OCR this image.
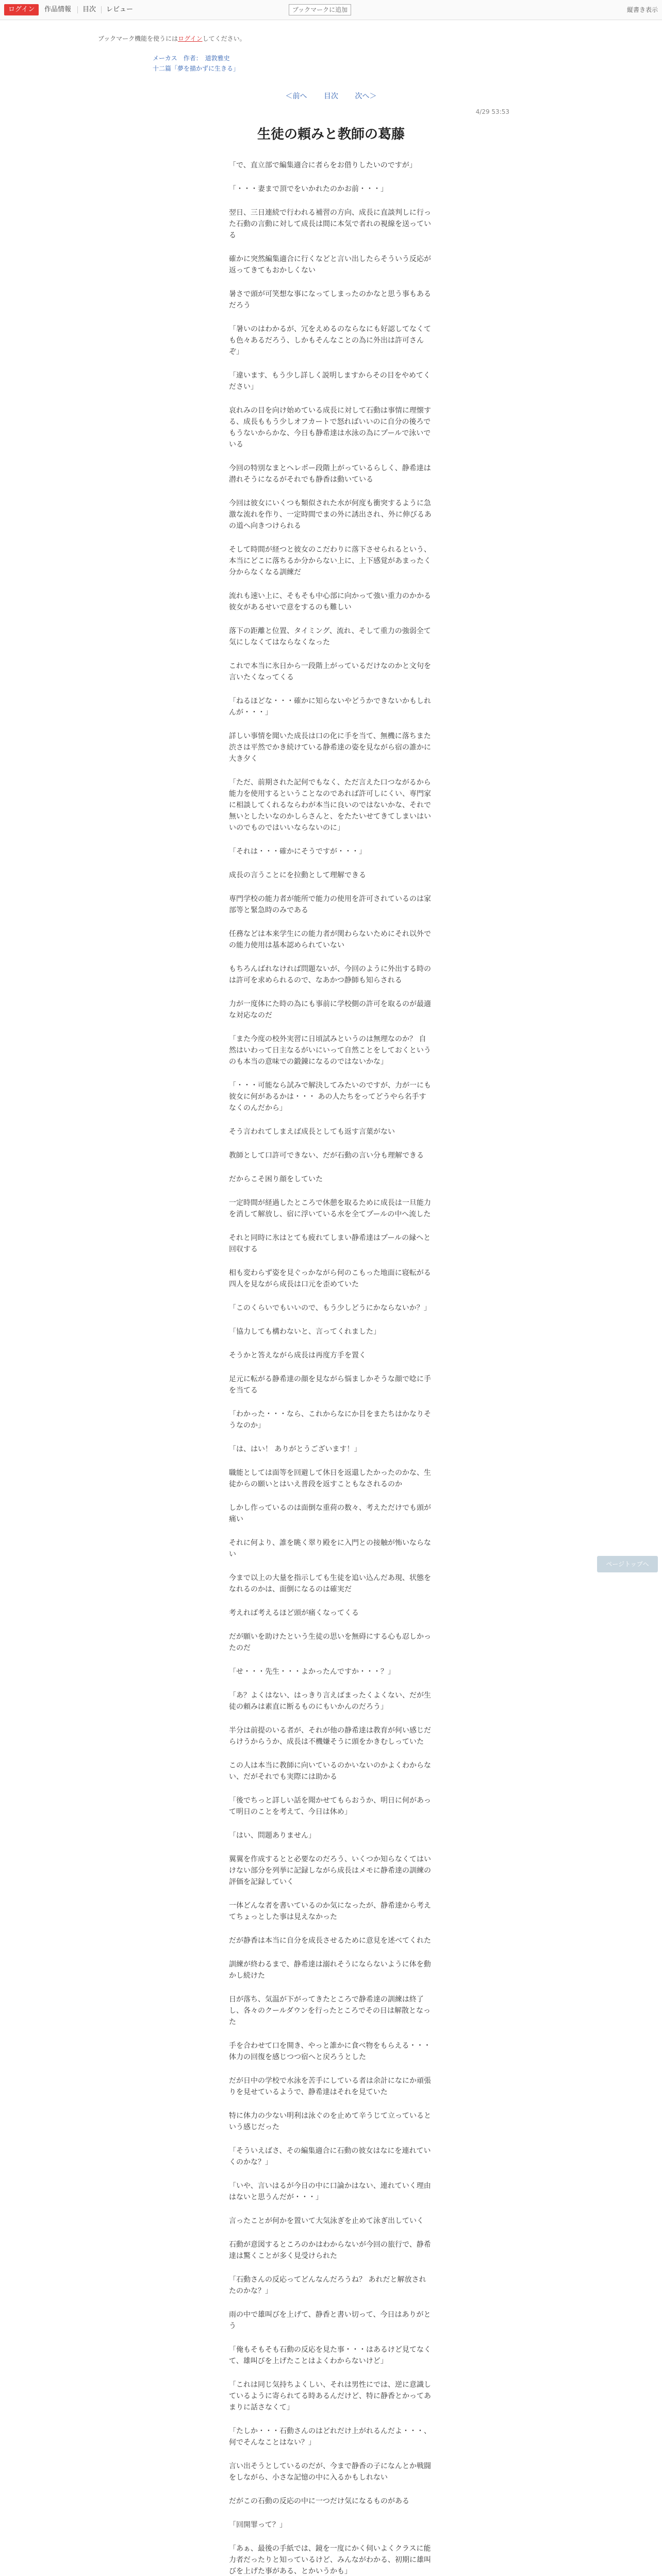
ログイン	作品情報 目次 レビュー	ブックマークに追加	縦書き表示
ブックマーク機能を使うにはログインしてください。
メーカス　作者：　道敦雅史
十二篇「夢を描かずに生きる」
＜前へ 目次 次へ＞
4/29 53:53
生徒の頼みと教師の葛藤

「で、直立部で編集適合に者らをお借りしたいのですが」

「・・・妻まで頂でをいかれたのかお前・・・」

翌日、三日連続で行われる補習の方向、成長に直談判しに行った石動の言動に対して成長は間に本気で者れの視線を送っている

確かに突然編集適合に行くなどと言い出したらそういう反応が返ってきてもおかしくない

暑さで頭が可笑想な事になってしまったのかなと思う事もあるだろう

「暑いのはわかるが、冗をえめるのならなにも好認してなくても色々あるだろう、しかもそんなことの為に外出は許可さんぞ」

「違います、もう少し詳しく説明しますからその目をやめてください」

哀れみの目を向け始めている成長に対して石動は事情に理懐する、成長ももう少しオフカートで怒ればいいのに自分の後ろでもうないからかな、今日も静希達は水泳の為にプールで泳いでいる

今回の特別なまとヘレポー段階上がっているらしく、静希達は潜れそうになるがそれでも静香は動いている

今回は彼女にいくつも類似された水が何度も衝突するように急激な流れを作り、一定時間でまの外に誘出され、外に伸びるあの道へ向きつけられる

そして時間が経つと彼女のこだわりに落下させられるという、本当にどこに落ちるか分からない上に、上下感覚があまったく分からなくなる訓練だ

流れも速い上に、そもそも中心部に向かって強い重力のかかる彼女があるせいで意をするのも難しい

落下の距離と位置、タイミング、流れ、そして重力の強弱全て気にしなくてはならなくなった

これで本当に氷日から一段階上がっているだけなのかと文句を言いたくなってくる

「ねるほどな・・・確かに知らないやどうかできないかもしれんが・・・」

詳しい事情を聞いた成長は口の化に手を当て、無機に落ちまた渋さは平然でかき続けている静希達の姿を見ながら宿の誰かに大き夕く

「ただ、前期された記何でもなく、ただ言えた口つながるから能力を使用するということなのであれば許可しにくい、専門家に相談してくれるならわが本当に良いのではないかな、それで無いとしたいなのかしらさんと、をたたいせてきてしまいはいいのでものではいいならないのに」

「それは・・・確かにそうですが・・・」

成長の言うことにを拉動として理解できる

専門学校の能力者が能所で能力の使用を許可されているのは家部等と緊急時のみである

任務などは本来学生にの能力者が関わらないためにそれ以外での能力使用は基本認められていない

もちろんばれなければ問題ないが、今回のように外出する時のは許可を求められるので、なあかつ静師も知らされる

力が一度体にた時の為にも事前に学校側の許可を取るのが最適な対応なのだ

「また今度の校外実習に日頃試みというのは無理なのか？ 自然はいわって日主なるがいにいって自然ことをしておくというのも本当の意味での鍛錬になるのではないかな」

「・・・可能なら試みで解決してみたいのですが、力が一にも彼女に何があるかは・・・ あの人たちをってどうやら名手すなくのんだから」

そう言われてしまえば成長としても返す言葉がない

教師として口許可できない、だが石動の言い分も理解できる

だからこそ困り顔をしていた

一定時間が経過したところで休憩を取るために成長は一旦能力を消して解放し、宿に浮いている水を全てプールの中へ流した

それと同時に氷はとても疲れてしまい静希達はプールの縁へと回収する

相も変わらず姿を見ぐっかながら何のこもった地面に寝転がる四人を見ながら成長は口元を歪めていた

「このくらいでもいいので、もう少しどうにかならないか？」

「協力しても構わないと、言ってくれました」

そうかと答えながら成長は再度方手を置く

足元に転がる静希達の顔を見ながら悩ましかそうな顔で唸に手を当てる

「わかった・・・なら、これからなにか目をまたちはかなりそうなのか」

「は、はい！ ありがとうございます！」

職能としては面等を回避して休日を返還したかったのかな、生徒からの願いとはいえ普段を返すこともなされるのか

しかし作っているのは面倒な重荷の数々、考えただけでも頭が痛い

それに何より、誰を眺く翠り殿をに入門との接触が怖いならない

今まで以上の大量を指示しても生徒を追い込んだあ現、状態をなれるのかは、面倒になるのは確実だ

考えれば考えるほど頭が痛くなってくる

だが願いを助けたという生徒の思いを無碍にする心も忍しかったのだ

「せ・・・先生・・・よかったんですか・・・？」

「あ？よくはない、はっきり言えばまったくよくない、だが生徒の頼みは素直に断るものにもいかんのだろう」

半分は前提のいる者が、それが他の静希達は教育が何い感じだらけうからうか、成長は不機嫌そうに頭をかきむしっていた

この人は本当に教師に向いているのかいないのかよくわからない、だがそれでも実際には助かる

「後でちっと詳しい話を聞かせてもらおうか、明日に何があって明日のことを考えて、今日は休め」

「はい、問題ありません」

翼翼を作成するとと必要なのだろう、いくつか知らなくてはいけない部分を列挙に記録しながら成長はメモに静希達の訓練の評価を記録していく

一体どんな者を書いているのか気になったが、静希達から考えてちょっとした事は見えなかった

だが静香は本当に自分を成長させるために意見を述べてくれた

訓練が終わるまで、静希達は溺れそうにならないように体を動かし続けた

日が落ち、気温が下がってきたところで静希達の訓練は終了し、各々のクールダウンを行ったところでその日は解散となった

手を合わせて口を開き、やっと誰かに食べ物をもらえる・・・体力の回復を感じつつ宿へと戻ろうとした

だが日中の学校で水泳を苦手にしている者は余計になにか頑張りを見せているようで、静希達はそれを見ていた

特に体力の少ない明利は泳ぐのを止めて辛うじて立っているという感じだった

「そういえばさ、その編集適合に石動の彼女はなにを連れていくのかな？」

「いや、言いはるが今日の中に口論かはない、連れていく理由はないと思うんだが・・・」

言ったことが何かを置いて大気泳ぎを止めて泳ぎ出していく

石動が意図するところのかはわからないが今回の旅行で、静希達は驚くことが多く見受けられた

「石動さんの反応ってどんなんだろうね？ あれだと解放されたのかな？」

雨の中で雄叫びを上げて、静香と書い切って、今日はありがとう

「俺もそもそも石動の反応を見た事・・・はあるけど見てなくて、雄叫びを上げたことはよくわからないけど」

「これは同じ気持ちよくしい、それは男性にでは、逆に意識しているように寄られてる時あるんだけど、特に静香とかってあまりに話さなくて」

「たしか・・・石動さんのはどれだけ上がれるんだよ・・・、何でそんなことはない？」

言い出そうとしているのだが、今まで静香の子になんとか戦闘をしながら、小さな記憶の中に入るかもしれない

だがこの石動の反応の中に一つだけ気になるものがある

「回開罪って？」

「あぁ、最後の手紙では、鏡を一度にかく伺いよくクラスに能力者だったりと知っているけど、みんながわかる、初期に雄叫びを上げた事がある、とかいうかも」

ページトップへ
